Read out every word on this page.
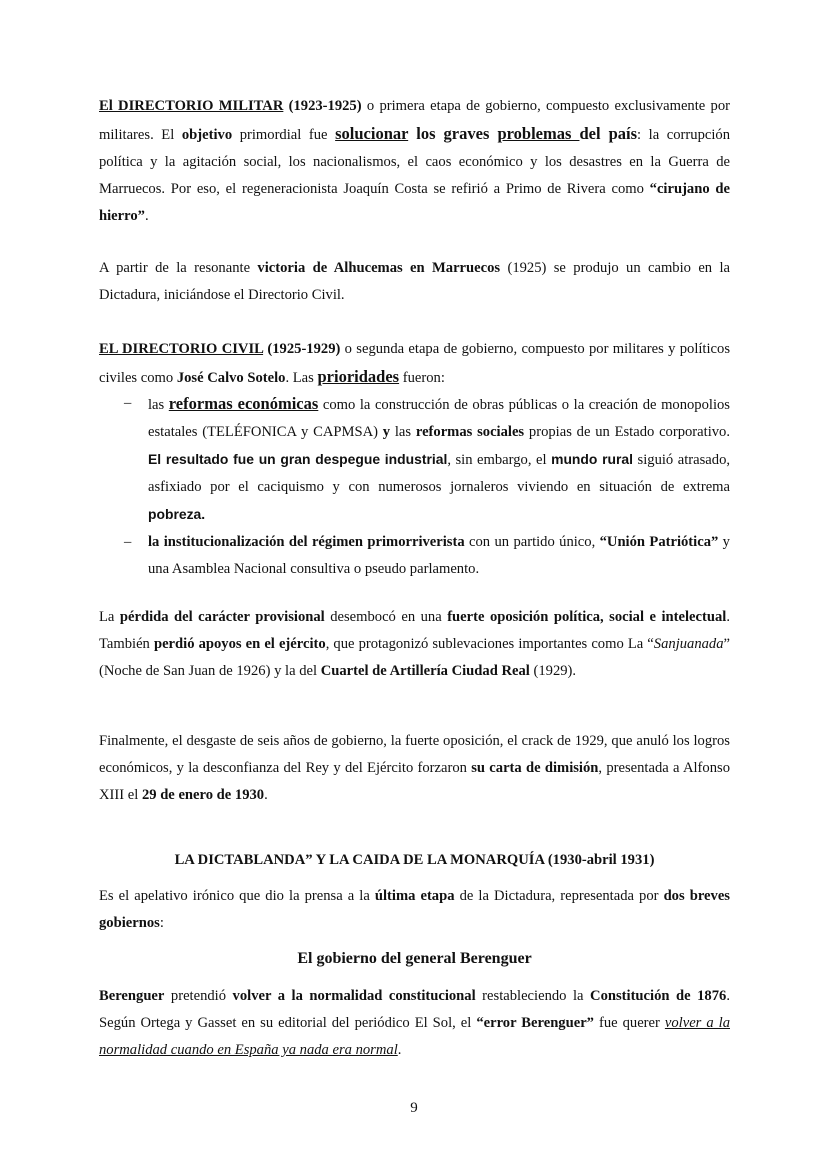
El DIRECTORIO MILITAR (1923-1925) o primera etapa de gobierno, compuesto exclusivamente por militares. El objetivo primordial fue solucionar los graves problemas del país: la corrupción política y la agitación social, los nacionalismos, el caos económico y los desastres en la Guerra de Marruecos. Por eso, el regeneracionista Joaquín Costa se refirió a Primo de Rivera como “cirujano de hierro”.

A partir de la resonante victoria de Alhucemas en Marruecos (1925) se produjo un cambio en la Dictadura, iniciándose el Directorio Civil.

EL DIRECTORIO CIVIL (1925-1929) o segunda etapa de gobierno, compuesto por militares y políticos civiles como José Calvo Sotelo. Las prioridades fueron:

– las reformas económicas como la construcción de obras públicas o la creación de monopolios estatales (TELÉFONICA y CAPMSA) y las reformas sociales propias de un Estado corporativo. El resultado fue un gran despegue industrial, sin embargo, el mundo rural siguió atrasado, asfixiado por el caciquismo y con numerosos jornaleros viviendo en situación de extrema pobreza.
– la institucionalización del régimen primorriverista con un partido único, “Unión Patriótica” y una Asamblea Nacional consultiva o pseudo parlamento.

La pérdida del carácter provisional desembocó en una fuerte oposición política, social e intelectual. También perdió apoyos en el ejército, que protagonizó sublevaciones importantes como La “Sanjuanada” (Noche de San Juan de 1926) y la del Cuartel de Artillería Ciudad Real (1929).

Finalmente, el desgaste de seis años de gobierno, la fuerte oposición, el crack de 1929, que anuló los logros económicos, y la desconfianza del Rey y del Ejército forzaron su carta de dimisión, presentada a Alfonso XIII el 29 de enero de 1930.

LA DICTABLANDA” Y LA CAIDA DE LA MONARQUÍA (1930-abril 1931)

Es el apelativo irónico que dio la prensa a la última etapa de la Dictadura, representada por dos breves gobiernos:

El gobierno del general Berenguer

Berenguer pretendió volver a la normalidad constitucional restableciendo la Constitución de 1876. Según Ortega y Gasset en su editorial del periódico El Sol, el “error Berenguer” fue querer volver a la normalidad cuando en España ya nada era normal.

9
